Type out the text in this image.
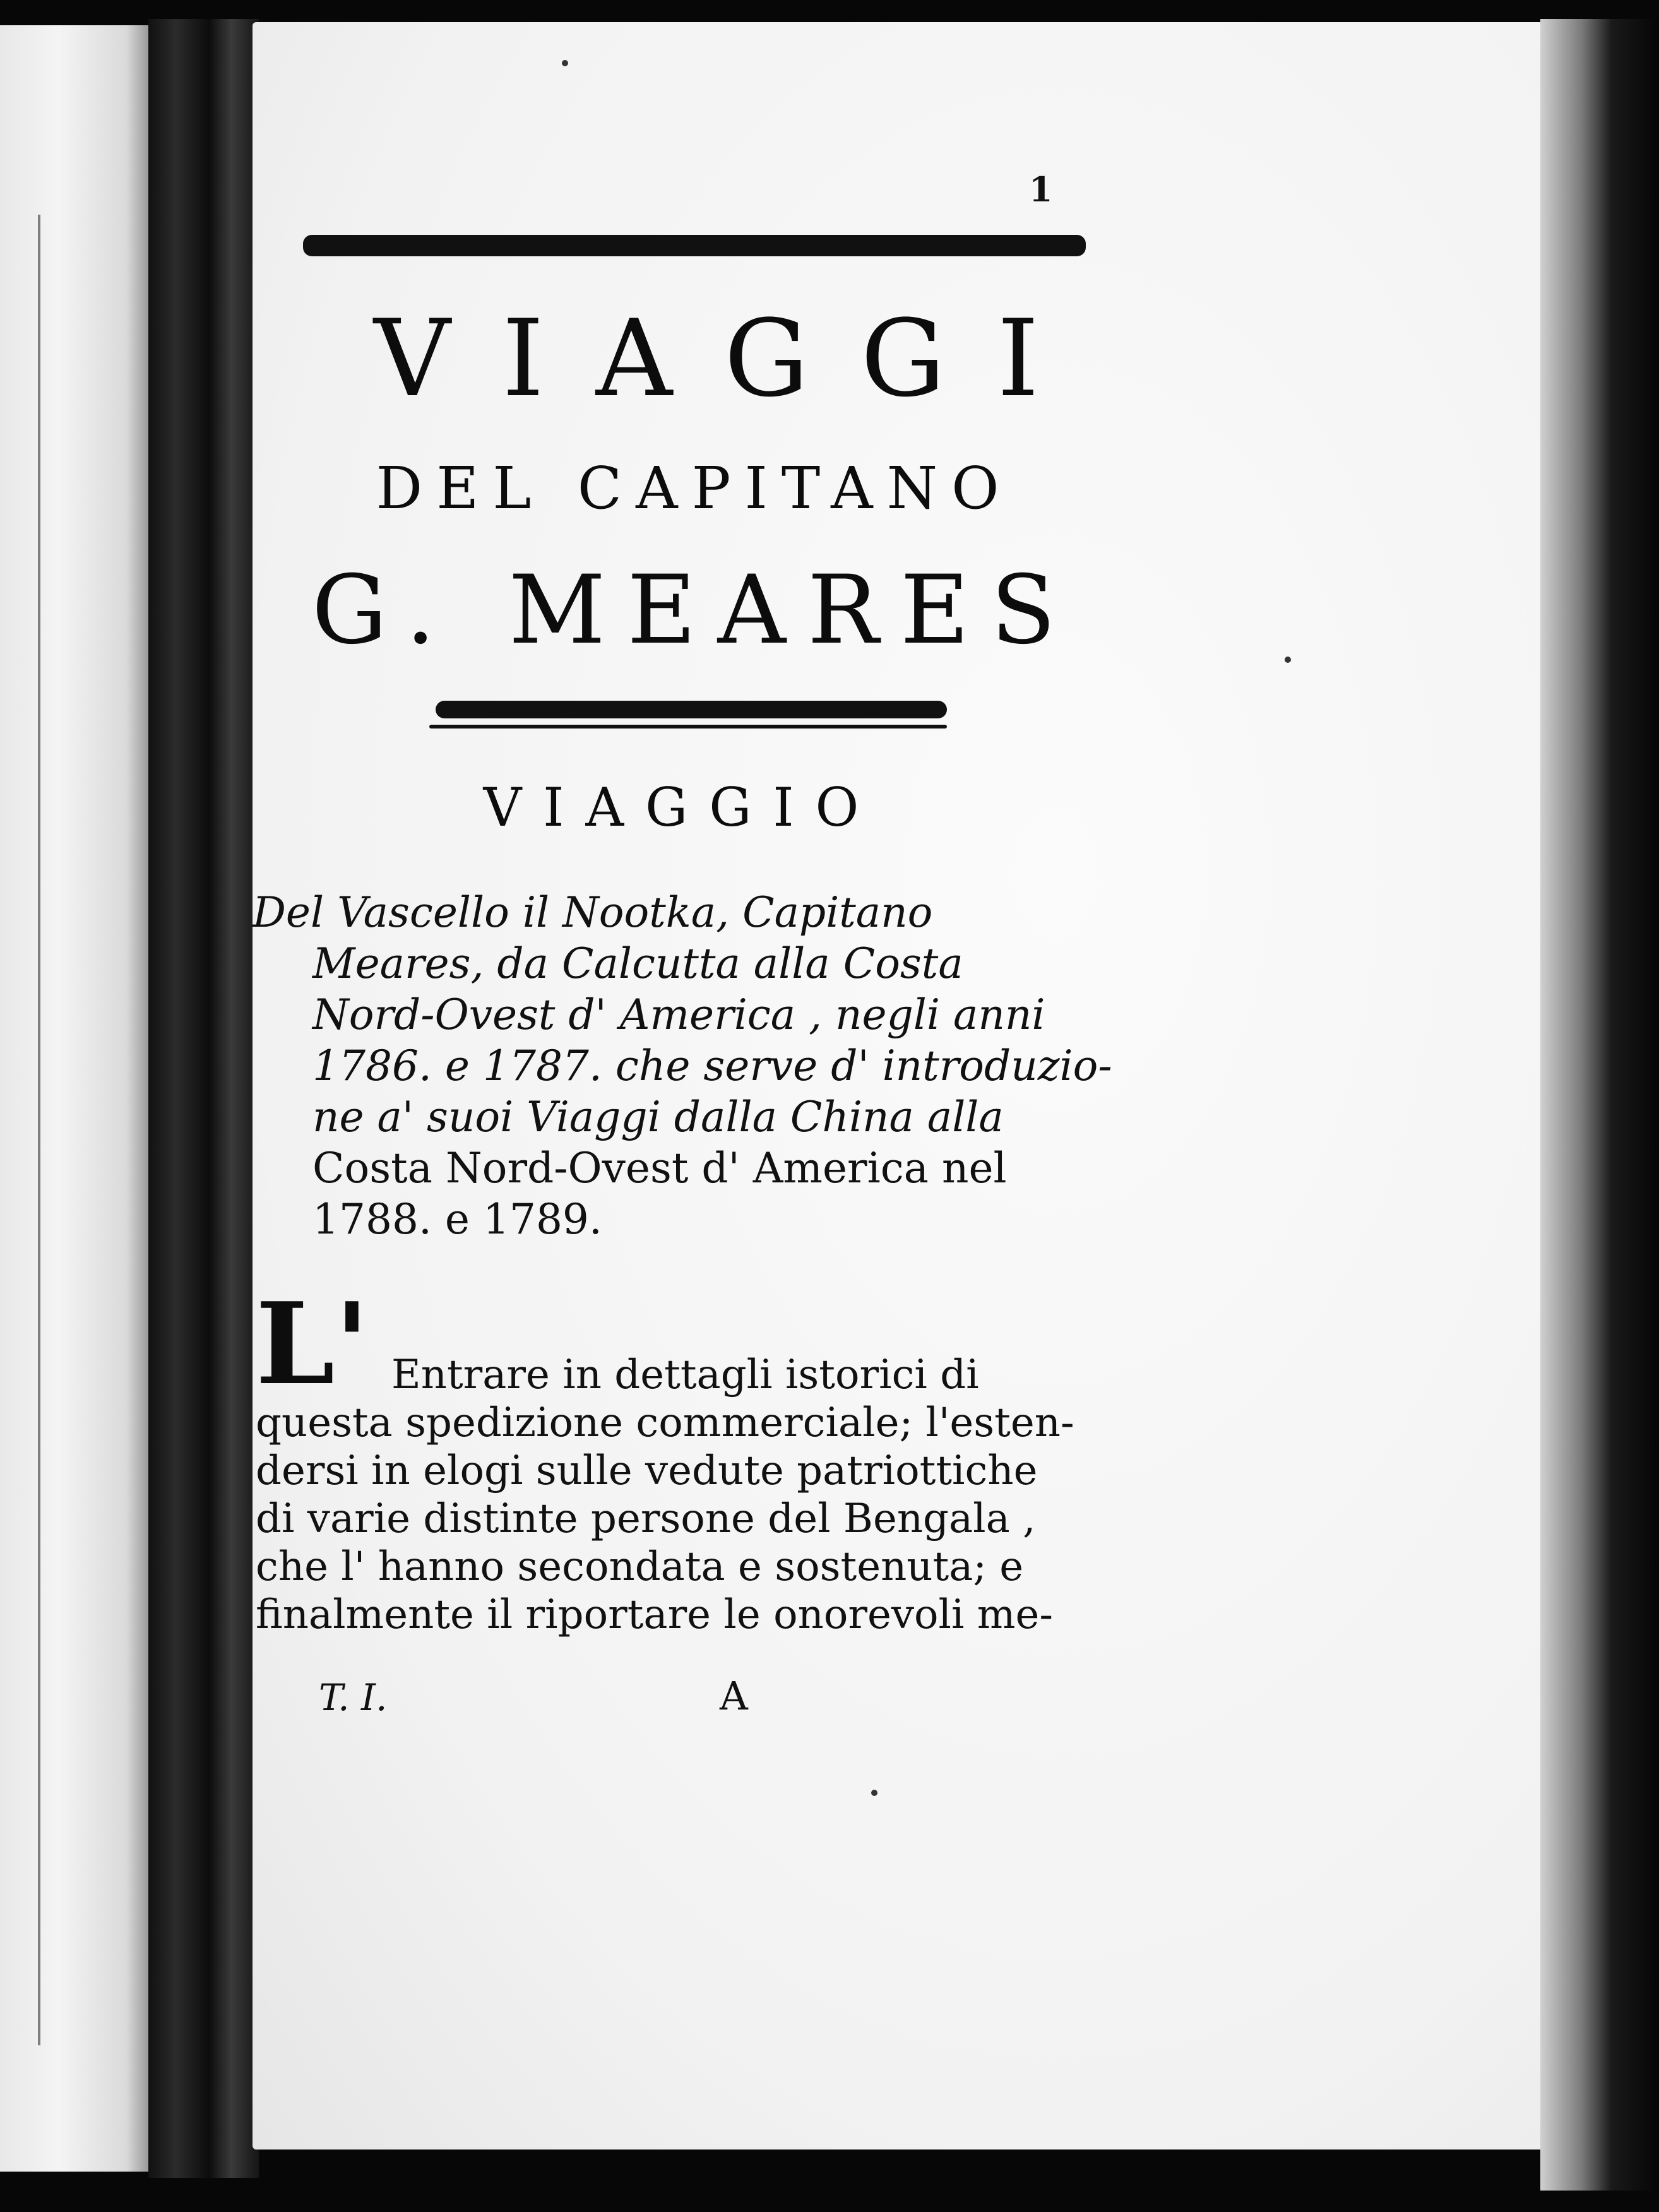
1
VIAGGI
DEL CAPITANO
G. MEARES
VIAGGIO
Del Vascello il Nootka, Capitano
Meares, da Calcutta alla Costa
Nord-Ovest d' America , negli anni
1786. e 1787. che serve d' introduzio-
ne a' suoi Viaggi dalla China alla
Costa Nord-Ovest d' America nel
1788. e 1789.
L' Entrare in dettagli istorici di
questa spedizione commerciale; l'esten-
dersi in elogi sulle vedute patriottiche
di varie distinte persone del Bengala ,
che l' hanno secondata e sostenuta; e
finalmente il riportare le onorevoli me-
T. I.	A
